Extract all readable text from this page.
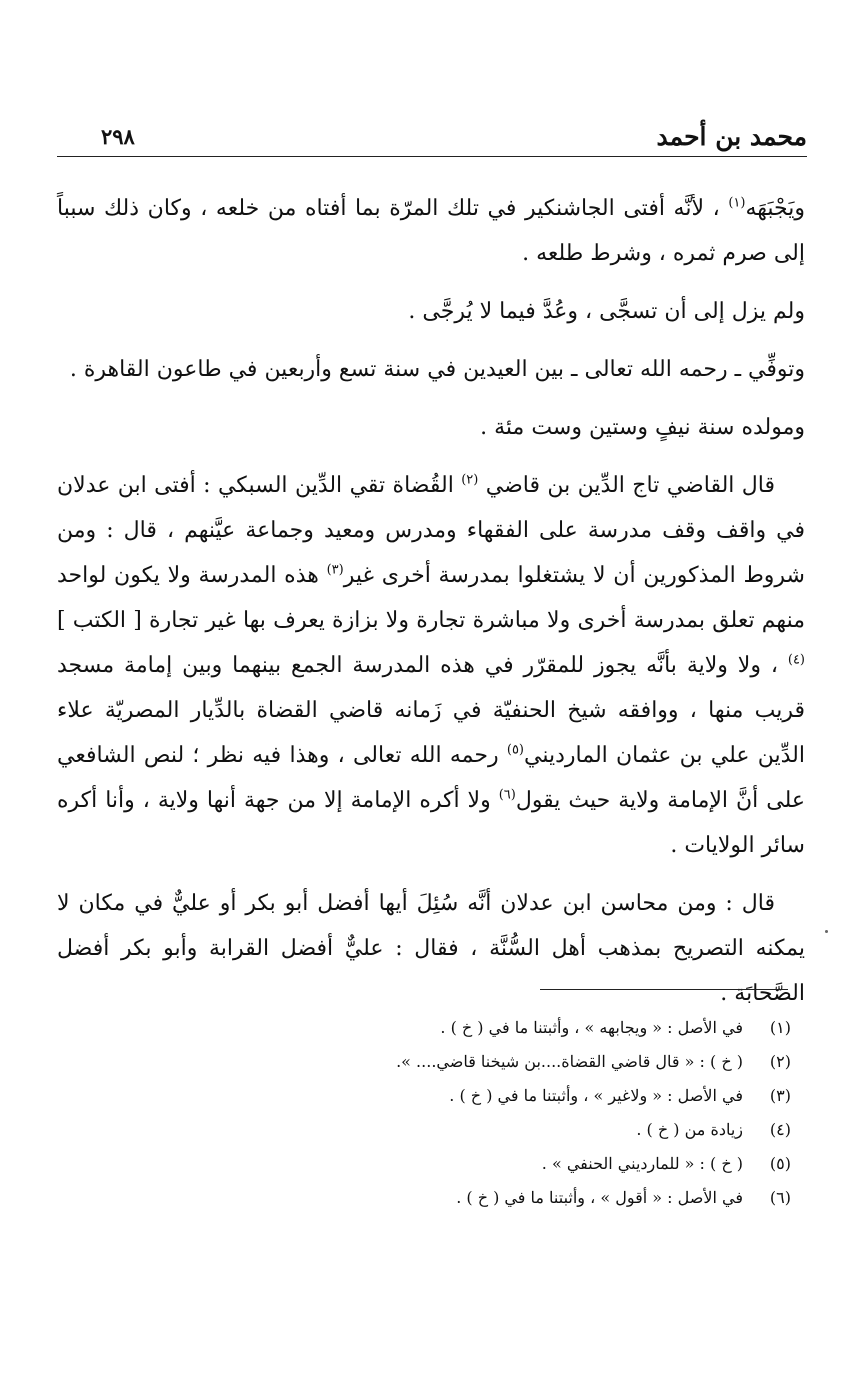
محمد بن أحمد
٢٩٨

ويَجْبَهَه$^{(١)}$ ، لأنَّه أفتى الجاشنكير في تلك المرّة بما أفتاه من خلعه ، وكان ذلك سبباً إلى صرم ثمره ، وشرط طلعه .

ولم يزل إلى أن تسجَّى ، وعُدَّ فيما لا يُرجَّى .

وتوفِّي ـ رحمه الله تعالى ـ بين العيدين في سنة تسع وأربعين في طاعون القاهرة .

ومولده سنة نيفٍ وستين وست مئة .

قال القاضي تاج الدِّين بن قاضي $^{(٢)}$ القُضاة تقي الدِّين السبكي : أفتى ابن عدلان في واقف وقف مدرسة على الفقهاء ومدرس ومعيد وجماعة عيَّنهم ، قال : ومن شروط المذكورين أن لا يشتغلوا بمدرسة أخرى غير$^{(٣)}$ هذه المدرسة ولا يكون لواحد منهم تعلق بمدرسة أخرى ولا مباشرة تجارة ولا بزازة يعرف بها غير تجارة [ الكتب ]$^{(٤)}$ ، ولا ولاية بأنَّه يجوز للمقرّر في هذه المدرسة الجمع بينهما وبين إمامة مسجد قريب منها ، ووافقه شيخ الحنفيّة في زَمانه قاضي القضاة بالدِّيار المصريّة علاء الدِّين علي بن عثمان المارديني$^{(٥)}$ رحمه الله تعالى ، وهذا فيه نظر ؛ لنص الشافعي على أنَّ الإمامة ولاية حيث يقول$^{(٦)}$ ولا أكره الإمامة إلا من جهة أنها ولاية ، وأنا أكره سائر الولايات .

قال : ومن محاسن ابن عدلان أنَّه سُئِلَ أيها أفضل أبو بكر أو عليٌّ في مكان لا يمكنه التصريح بمذهب أهل السُّنَّة ، فقال : عليٌّ أفضل القرابة وأبو بكر أفضل الصَّحابَة .

(١)في الأصل : « ويجابهه » ، وأثبتنا ما في ( خ ) .
(٢)( خ ) : « قال قاضي القضاة....بن شيخنا قاضي.... ».
(٣)في الأصل : « ولاغير » ، وأثبتنا ما في ( خ ) .
(٤)زيادة من ( خ ) .
(٥)( خ ) : « للمارديني الحنفي » .
(٦)في الأصل : « أقول » ، وأثبتنا ما في ( خ ) .
